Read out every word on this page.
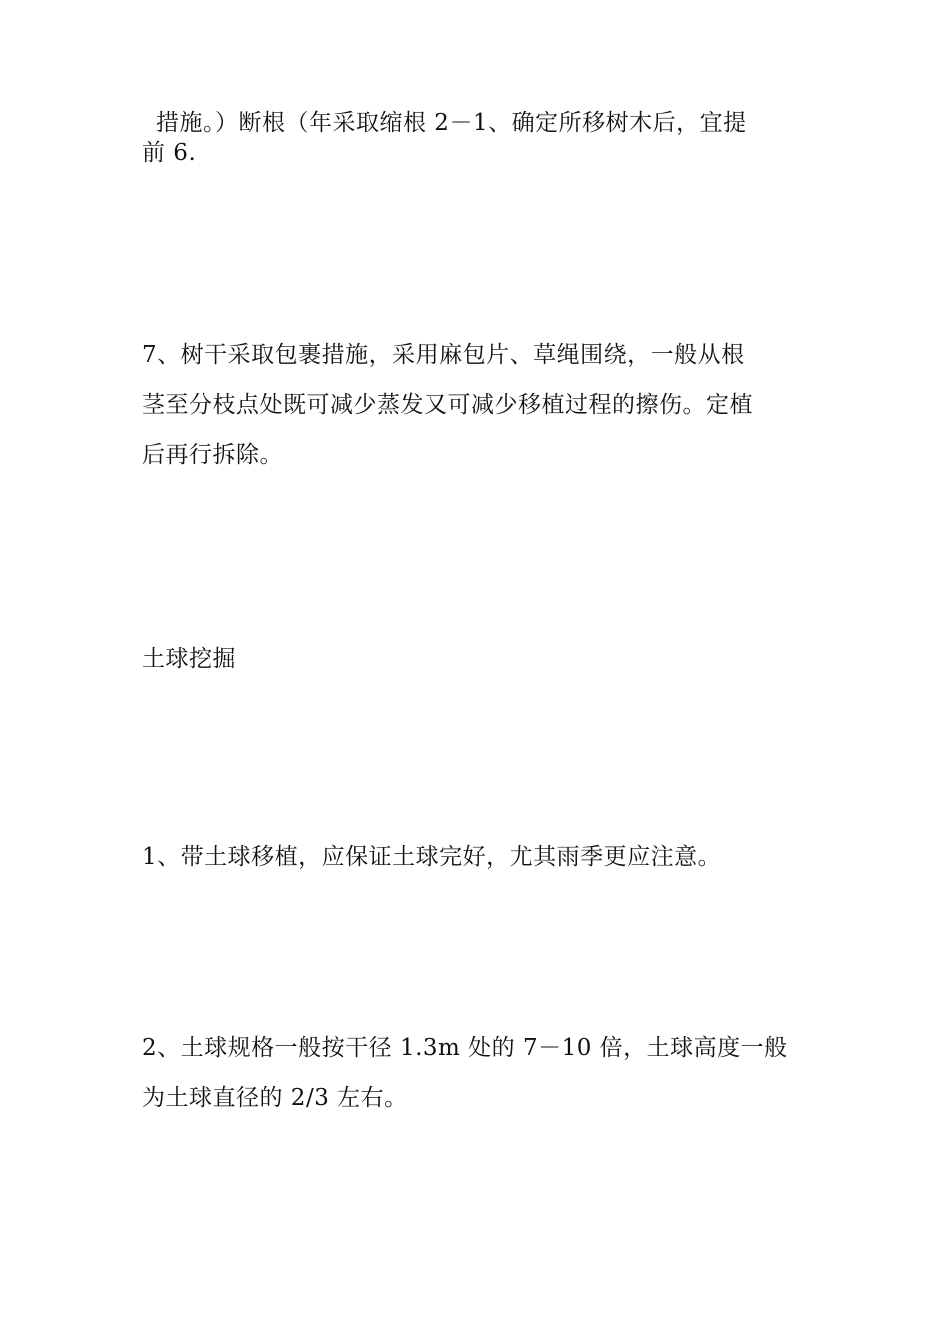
措施。）断根（年采取缩根 2－1、确定所移树木后，宜提
前 6.
7、树干采取包裹措施，采用麻包片、草绳围绕，一般从根
茎至分枝点处既可减少蒸发又可减少移植过程的擦伤。定植
后再行拆除。
土球挖掘
1、带土球移植，应保证土球完好，尤其雨季更应注意。
2、土球规格一般按干径 1.3m 处的 7－10 倍，土球高度一般
为土球直径的 2/3 左右。
